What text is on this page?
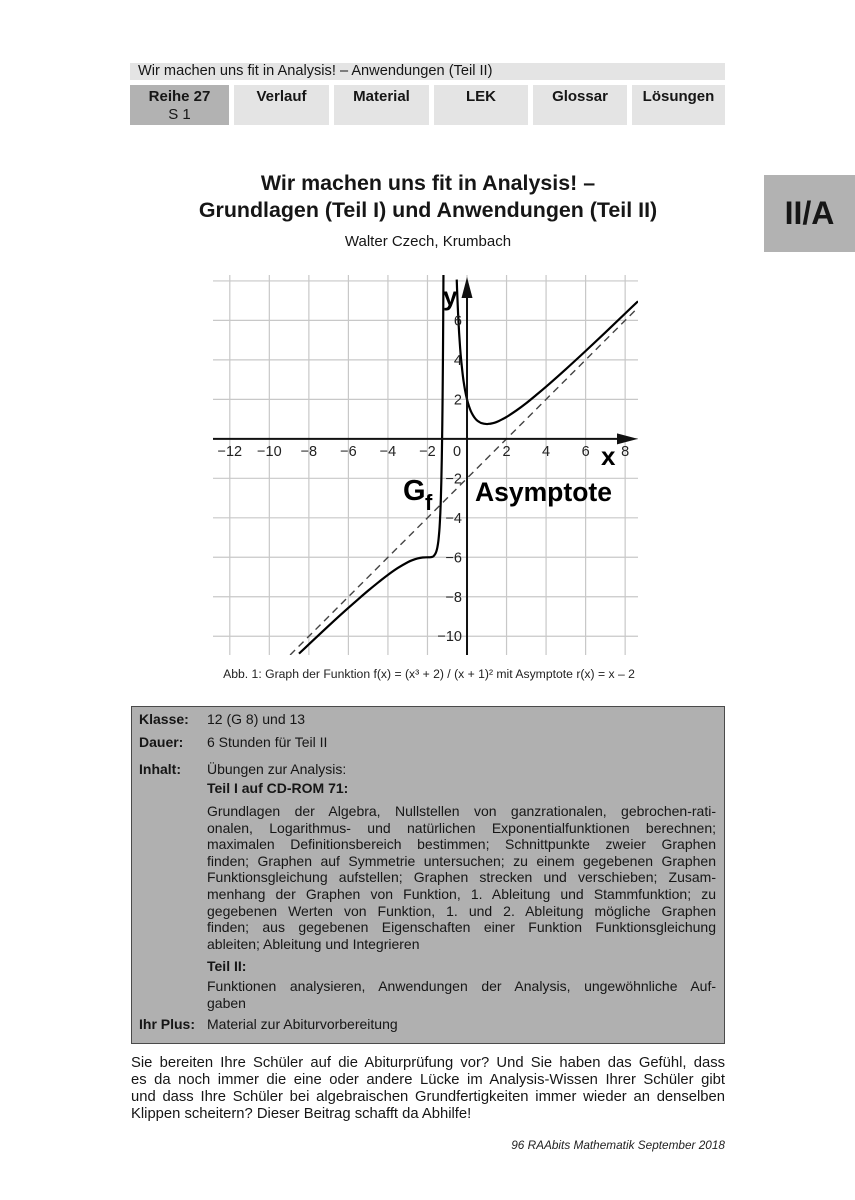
Wir machen uns fit in Analysis! – Anwendungen (Teil II)
Reihe 27
S 1
Verlauf	Material	LEK	Glossar	Lösungen
II/A
Wir machen uns fit in Analysis! –
Grundlagen (Teil I) und Anwendungen (Teil II)
Walter Czech, Krumbach
−12 −10 −8 −6 −4 −2 0	2 4 6 8
−10
−8
−6
−4
−2
2
4
6
y
x
G f Asymptote
Abb. 1: Graph der Funktion f(x) = (x³ + 2) / (x + 1)² mit Asymptote r(x) = x – 2
Klasse: 12 (G 8) und 13
Dauer: 6 Stunden für Teil II
Inhalt: Übungen zur Analysis:
Teil I auf CD-ROM 71:
Grundlagen der Algebra, Nullstellen von ganzrationalen, gebrochen-rati-
onalen, Logarithmus- und natürlichen Exponentialfunktionen berechnen;
maximalen Definitionsbereich bestimmen; Schnittpunkte zweier Graphen
finden; Graphen auf Symmetrie untersuchen; zu einem gegebenen Graphen
Funktionsgleichung aufstellen; Graphen strecken und verschieben; Zusam-
menhang der Graphen von Funktion, 1. Ableitung und Stammfunktion; zu
gegebenen Werten von Funktion, 1. und 2. Ableitung mögliche Graphen
finden; aus gegebenen Eigenschaften einer Funktion Funktionsgleichung
ableiten; Ableitung und Integrieren
Teil II:
Funktionen analysieren, Anwendungen der Analysis, ungewöhnliche Auf-
gaben
Ihr Plus: Material zur Abiturvorbereitung
Sie bereiten Ihre Schüler auf die Abiturprüfung vor? Und Sie haben das Gefühl, dass
es da noch immer die eine oder andere Lücke im Analysis-Wissen Ihrer Schüler gibt
und dass Ihre Schüler bei algebraischen Grundfertigkeiten immer wieder an denselben
Klippen scheitern? Dieser Beitrag schafft da Abhilfe!
96 RAAbits Mathematik September 2018
